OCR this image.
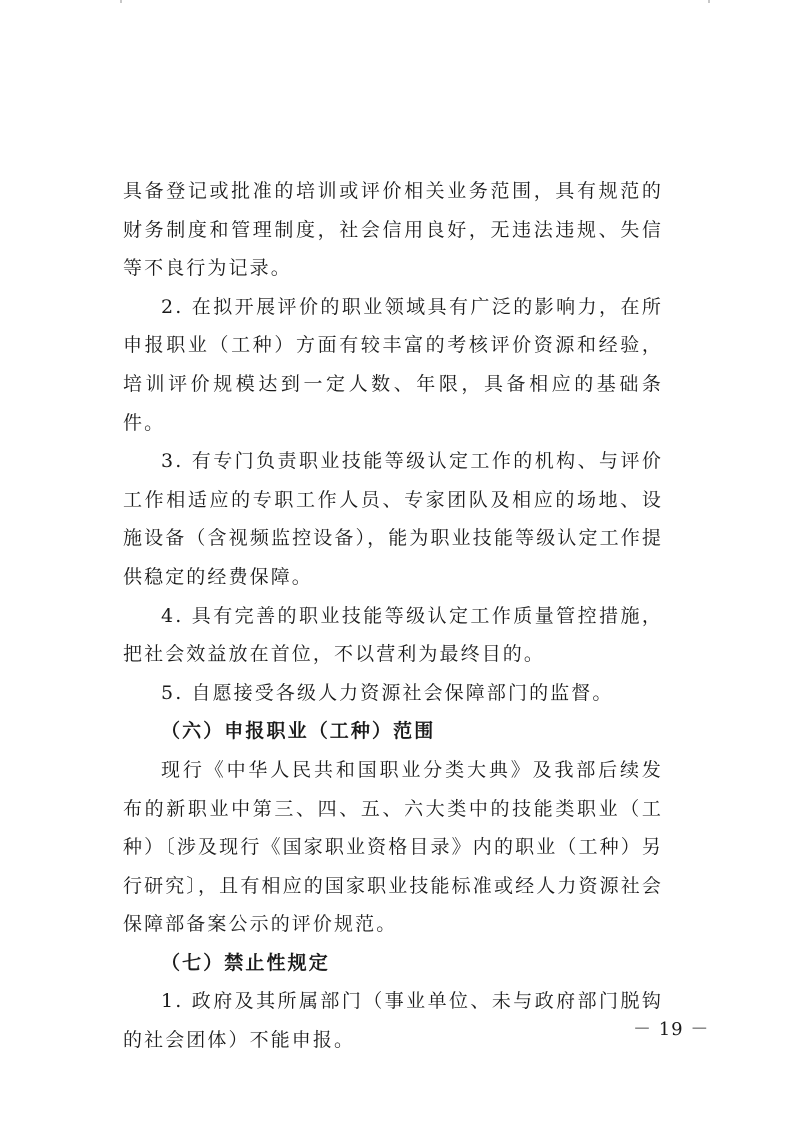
具备登记或批准的培训或评价相关业务范围，具有规范的财务制度和管理制度，社会信用良好，无违法违规、失信等不良行为记录。

2. 在拟开展评价的职业领域具有广泛的影响力，在所申报职业（工种）方面有较丰富的考核评价资源和经验，培训评价规模达到一定人数、年限，具备相应的基础条件。

3. 有专门负责职业技能等级认定工作的机构、与评价工作相适应的专职工作人员、专家团队及相应的场地、设施设备（含视频监控设备），能为职业技能等级认定工作提供稳定的经费保障。

4. 具有完善的职业技能等级认定工作质量管控措施，把社会效益放在首位，不以营利为最终目的。

5. 自愿接受各级人力资源社会保障部门的监督。

（六）申报职业（工种）范围

现行《中华人民共和国职业分类大典》及我部后续发布的新职业中第三、四、五、六大类中的技能类职业（工种）〔涉及现行《国家职业资格目录》内的职业（工种）另行研究〕，且有相应的国家职业技能标准或经人力资源社会保障部备案公示的评价规范。

（七）禁止性规定

1. 政府及其所属部门（事业单位、未与政府部门脱钩的社会团体）不能申报。	－ 19 －
